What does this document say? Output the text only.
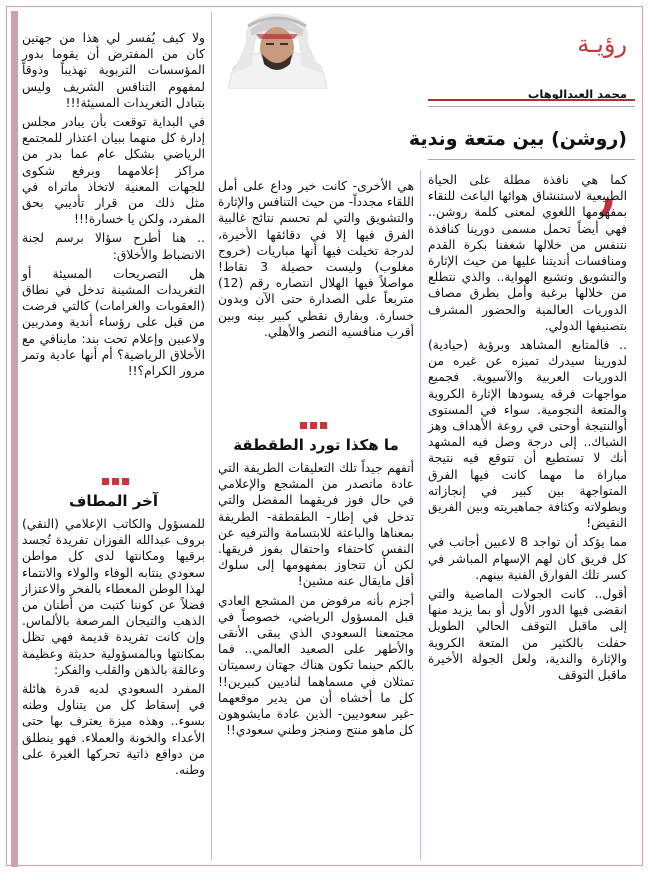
رؤيـة
محمد العبدالوهاب
(روشن) بين متعة وندية
,

كما هي نافذة مطلة على الحياة الطبيعية لاستنشاق هوائها الباعث للنقاء بمفهومها اللغوي لمعنى كلمة روشن.. فهي أيضاً تحمل مسمى دورينا كنافذة نتنفس من خلالها شغفنا بكرة القدم ومنافسات أنديتنا عليها من حيث الإثارة والتشويق وتشبع الهواية.. والذي نتطلع من خلالها برغبة وأمل بطرق مصاف الدوريات العالمية والحضور المشرف بتصنيفها الدولي.

.. فالمتابع المشاهد وبرؤية (حيادية) لدورينا سيدرك تميزه عن غيره من الدوريات العربية والآسيوية. فجميع مواجهات فرقه يسودها الإثارة الكروية والمتعة النجومية. سواء في المستوى أوالنتيجة أوحتى في روعة الأهداف وهز الشباك.. إلى درجة وصل فيه المشهد أنك لا تستطيع أن تتوقع فيه نتيجة مباراة ما مهما كانت فيها الفرق المتواجهة بين كبير في إنجازاته وبطولاته وكثافة جماهيريته وبين الفريق النقيض!

مما يؤكد أن تواجد 8 لاعبين أجانب في كل فريق كان لهم الإسهام المباشر في كسر تلك الفوارق الفنية بينهم.

أقول.. كانت الجولات الماضية والتي انقضى فيها الدور الأول أو بما يزيد منها إلى ماقبل التوقف الحالي الطويل حفلت بالكثير من المتعة الكروية والإثارة والندية، ولعل الجولة الأخيرة ماقبل التوقف

هي الأخرى- كانت خير وداع على أمل اللقاء مجدداً- من حيث التنافس والإثارة والتشويق والتي لم تحسم نتائج غالبية الفرق فيها إلا في دقائقها الأخيرة، لدرجة تخيلت فيها أنها مباريات (خروج مغلوب) وليست حصيلة 3 نقاط! مواصلاً فيها الهلال انتصاره رقم (12) متربعاً على الصدارة حتى الآن وبدون خسارة. وبفارق نقطي كبير بينه وبين أقرب منافسيه النصر والأهلي.

ما هكذا تورد الطقطقة

أتفهم جيداً تلك التعليقات الطريفة التي عادة ماتصدر من المشجع والإعلامي في حال فوز فريقهما المفضل والتي تدخل في إطار- الطقطقة- الطريفة بمعناها والباعثة للابتسامة والترفيه عن النفس كاحتفاء واحتفال بفوز فريقها. لكن أن تتجاوز بمفهومها إلى سلوك أقل مايقال عنه مشين!

أجزم بأنه مرفوض من المشجع العادي قبل المسؤول الرياضي، خصوصاً في مجتمعنا السعودي الذي يبقى الأنقى والأطهر على الصعيد العالمي.. فما بالكم حينما تكون هناك جهتان رسميتان تمثلان في مسماهما لناديين كبيرين!! كل ما أخشاه أن من يدير موقعهما -غير سعوديين- الذين عادة مايشوهون كل ماهو منتج ومنجز وطني سعودي!!

ولا كيف يُفسر لي هذا من جهتين كان من المفترض أن يقوما بدور المؤسسات التربوية تهذيباً وذوقاً لمفهوم التنافس الشريف وليس بتبادل التغريدات المسيئة!!!

في البداية توقعت بأن يبادر مجلس إدارة كل منهما ببيان اعتذار للمجتمع الرياضي بشكل عام عما بدر من مراكز إعلامهما وبرفع شكوى للجهات المعنية لاتخاذ ماتراه في مثل ذلك من قرار تأديبي بحق المفرد، ولكن يا خسارة!!!

.. هنا أطرح سؤالا برسم لجنة الانضباط والأخلاق:

هل التصريحات المسيئة أو التغريدات المشينة تدخل في نطاق (العقوبات والغرامات) كالتي فرضت من قبل على رؤساء أندية ومدربين ولاعبين وإعلام تحت بند: ماينافي مع الأخلاق الرياضية؟ أم أنها عادية وتمر مرور الكرام؟!!

آخر المطاف

للمسؤول والكاتب الإعلامي (النقي) بروف عبدالله الفوزان تفريدة تُجسد برقيها ومكانتها لدى كل مواطن سعودي ينتابه الوفاء والولاء والانتماء لهذا الوطن المعطاء بالفخر والاعتزاز فضلاً عن كوننا كتبت من أطنان من الذهب والتيجان المرصعة بالألماس. وإن كانت تفريدة قديمة فهي تظل بمكانتها وبالمسؤولية حديثة وعظيمة وعالقة بالذهن والقلب والفكر:

المفرد السعودي لديه قدرة هائلة في إسقاط كل من يتناول وطنه بسوء.. وهذه ميزة يعترف بها حتى الأعداء والخونة والعملاء. فهو ينطلق من دوافع ذاتية تحركها الغيرة على وطنه.
